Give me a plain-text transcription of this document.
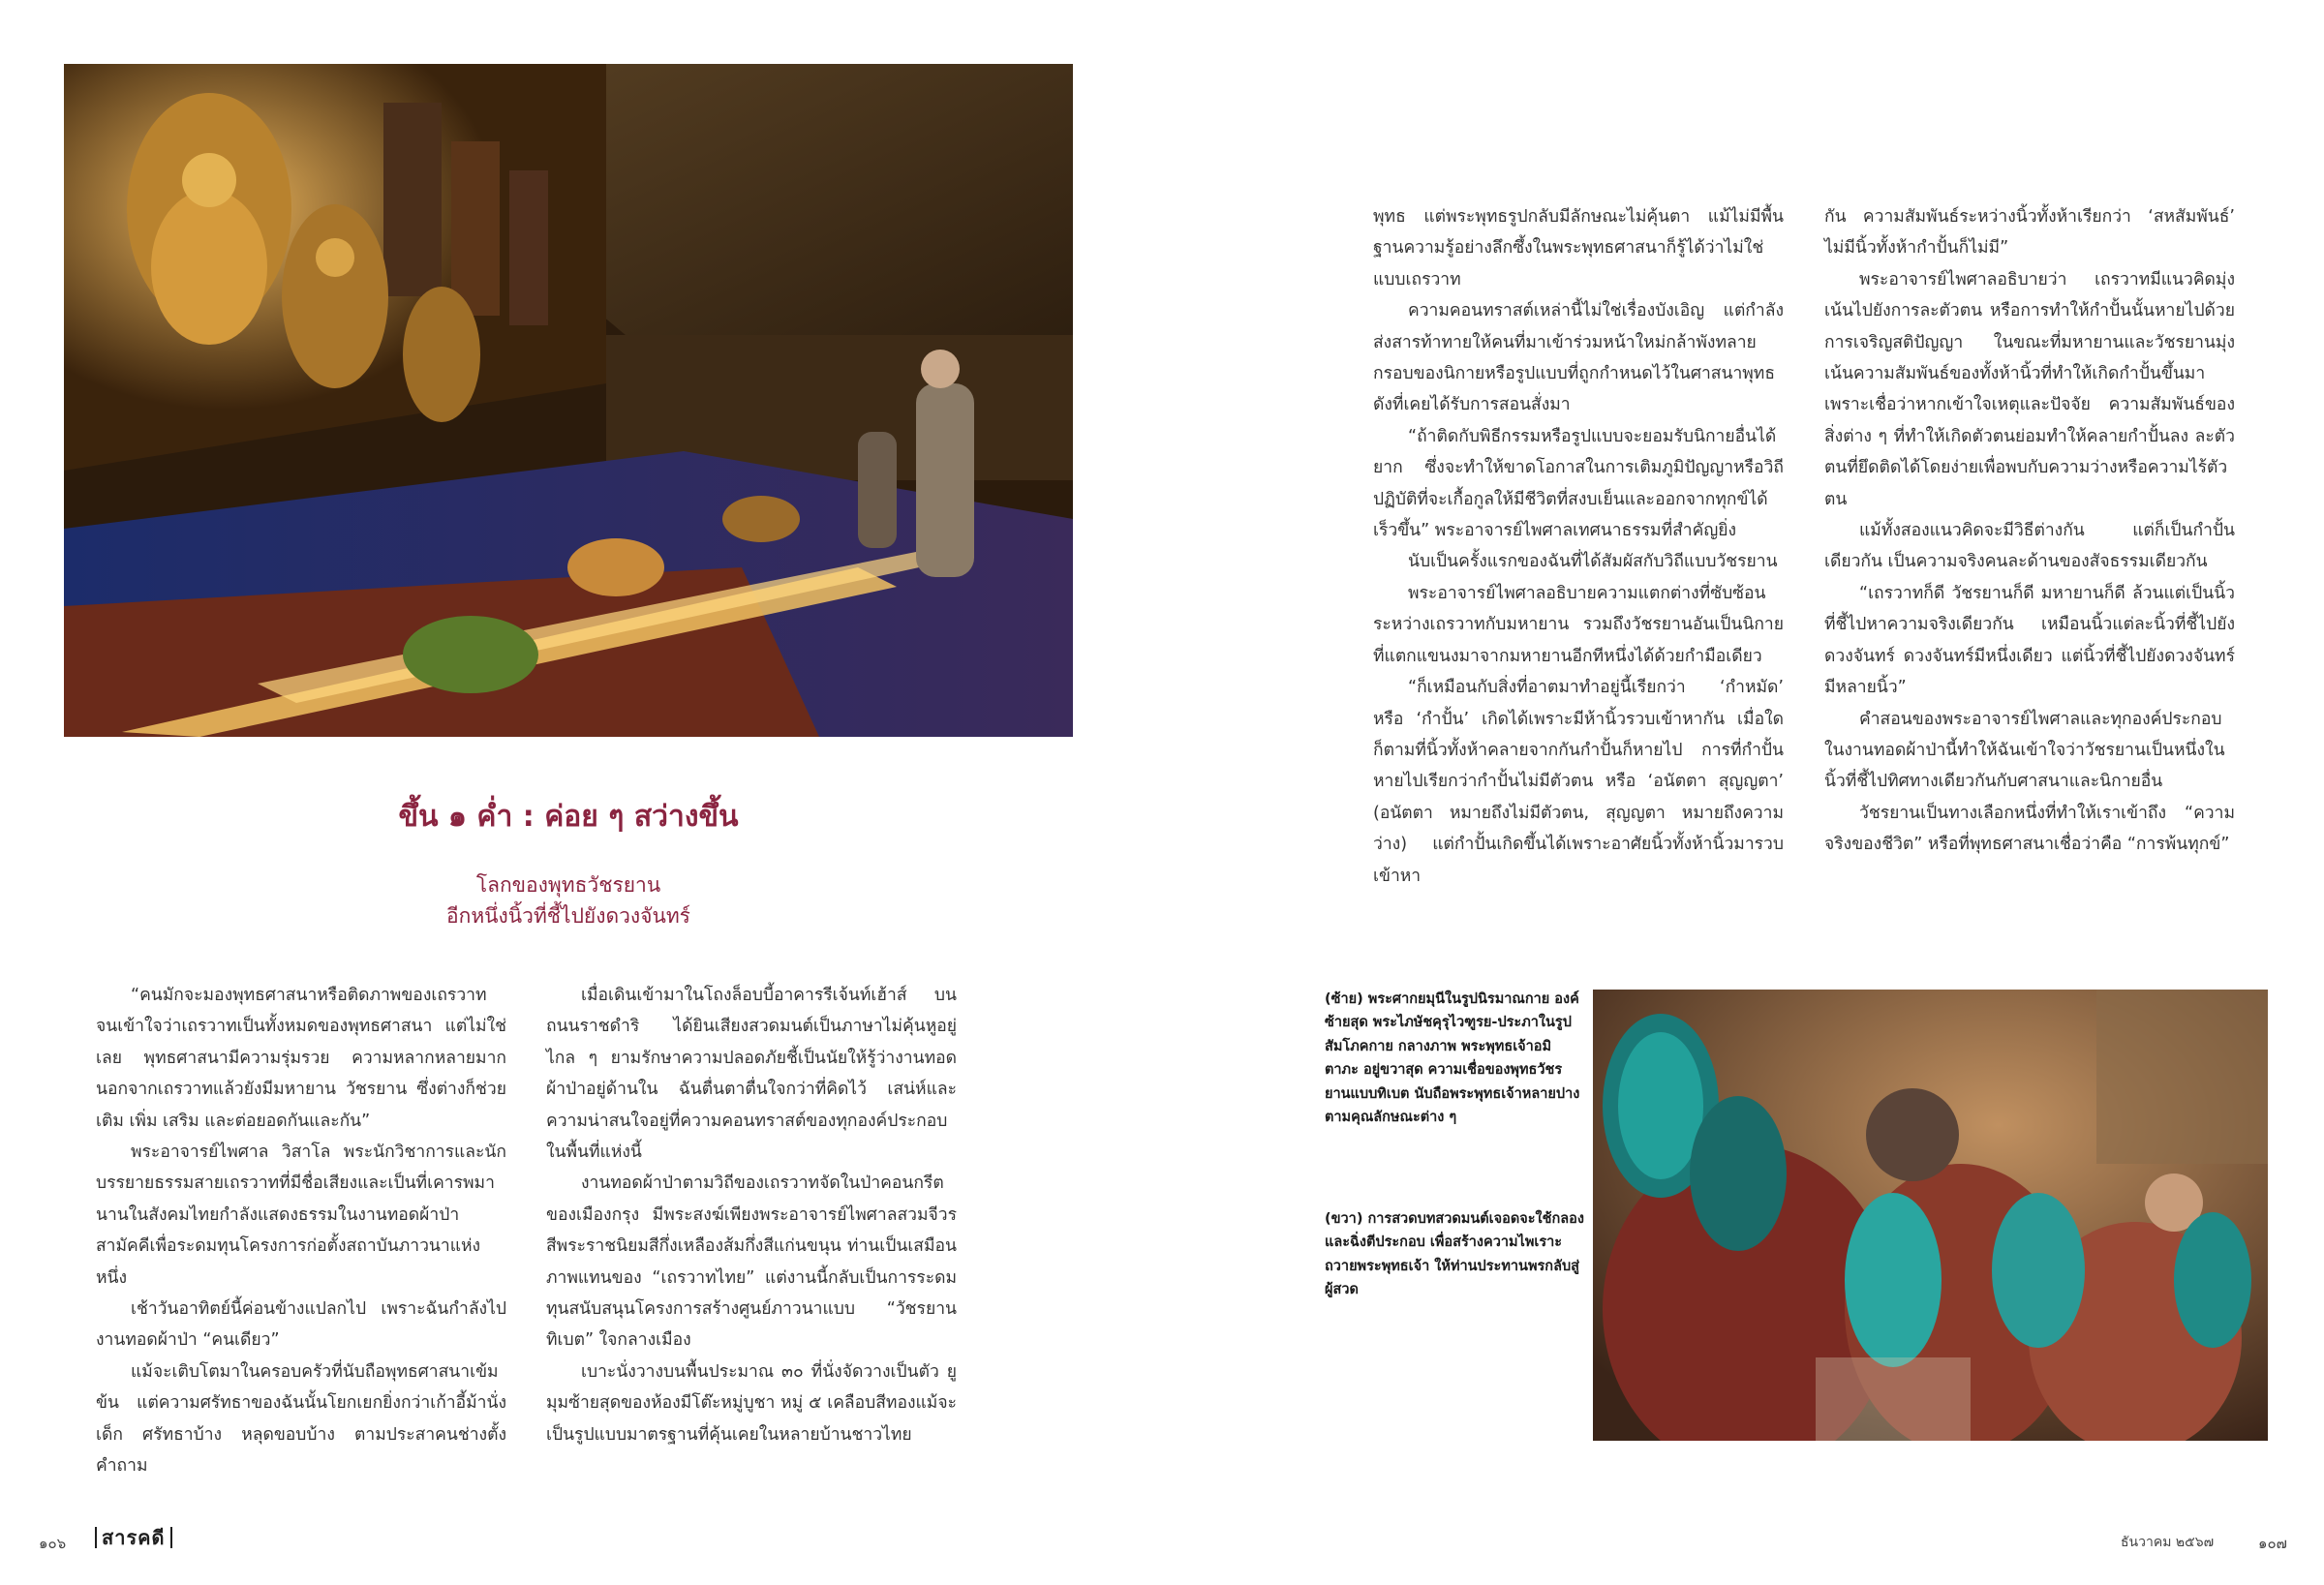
ขึ้น ๑ ค่ำ : ค่อย ๆ สว่างขึ้น
โลกของพุทธวัชรยาน
อีกหนึ่งนิ้วที่ชี้ไปยังดวงจันทร์

“คนมักจะมองพุทธศาสนาหรือติดภาพของเถรวาทจนเข้าใจว่าเถรวาทเป็นทั้งหมดของพุทธศาสนา แต่ไม่ใช่เลย พุทธศาสนามีความรุ่มรวย ความหลากหลายมาก นอกจากเถรวาทแล้วยังมีมหายาน วัชรยาน ซึ่งต่างก็ช่วยเติม เพิ่ม เสริม และต่อยอดกันและกัน”

พระอาจารย์ไพศาล วิสาโล พระนักวิชาการและนักบรรยายธรรมสายเถรวาทที่มีชื่อเสียงและเป็นที่เคารพมานานในสังคมไทยกำลังแสดงธรรมในงานทอดผ้าป่าสามัคคีเพื่อระดมทุนโครงการก่อตั้งสถาบันภาวนาแห่งหนึ่ง

เช้าวันอาทิตย์นี้ค่อนข้างแปลกไป เพราะฉันกำลังไปงานทอดผ้าป่า “คนเดียว”

แม้จะเติบโตมาในครอบครัวที่นับถือพุทธศาสนาเข้มข้น แต่ความศรัทธาของฉันนั้นโยกเยกยิ่งกว่าเก้าอี้ม้านั่งเด็ก ศรัทธาบ้าง หลุดขอบบ้าง ตามประสาคนช่างตั้งคำถาม

เมื่อเดินเข้ามาในโถงล็อบบี้อาคารรีเจ้นท์เฮ้าส์ บนถนนราชดำริ ได้ยินเสียงสวดมนต์เป็นภาษาไม่คุ้นหูอยู่ไกล ๆ ยามรักษาความปลอดภัยชี้เป็นนัยให้รู้ว่างานทอดผ้าป่าอยู่ด้านใน ฉันตื่นตาตื่นใจกว่าที่คิดไว้ เสน่ห์และความน่าสนใจอยู่ที่ความคอนทราสต์ของทุกองค์ประกอบในพื้นที่แห่งนี้

งานทอดผ้าป่าตามวิถีของเถรวาทจัดในป่าคอนกรีตของเมืองกรุง มีพระสงฆ์เพียงพระอาจารย์ไพศาลสวมจีวรสีพระราชนิยมสีกึ่งเหลืองส้มกึ่งสีแก่นขนุน ท่านเป็นเสมือนภาพแทนของ “เถรวาทไทย” แต่งานนี้กลับเป็นการระดมทุนสนับสนุนโครงการสร้างศูนย์ภาวนาแบบ “วัชรยานทิเบต” ใจกลางเมือง

เบาะนั่งวางบนพื้นประมาณ ๓๐ ที่นั่งจัดวางเป็นตัว ยู มุมซ้ายสุดของห้องมีโต๊ะหมู่บูชา หมู่ ๕ เคลือบสีทองแม้จะเป็นรูปแบบมาตรฐานที่คุ้นเคยในหลายบ้านชาวไทย

พุทธ แต่พระพุทธรูปกลับมีลักษณะไม่คุ้นตา แม้ไม่มีพื้นฐานความรู้อย่างลึกซึ้งในพระพุทธศาสนาก็รู้ได้ว่าไม่ใช่แบบเถรวาท

ความคอนทราสต์เหล่านี้ไม่ใช่เรื่องบังเอิญ แต่กำลังส่งสารท้าทายให้คนที่มาเข้าร่วมหน้าใหม่กล้าพังทลายกรอบของนิกายหรือรูปแบบที่ถูกกำหนดไว้ในศาสนาพุทธดังที่เคยได้รับการสอนสั่งมา

“ถ้าติดกับพิธีกรรมหรือรูปแบบจะยอมรับนิกายอื่นได้ยาก ซึ่งจะทำให้ขาดโอกาสในการเติมภูมิปัญญาหรือวิถีปฏิบัติที่จะเกื้อกูลให้มีชีวิตที่สงบเย็นและออกจากทุกข์ได้เร็วขึ้น” พระอาจารย์ไพศาลเทศนาธรรมที่สำคัญยิ่ง

นับเป็นครั้งแรกของฉันที่ได้สัมผัสกับวิถีแบบวัชรยาน

พระอาจารย์ไพศาลอธิบายความแตกต่างที่ซับซ้อนระหว่างเถรวาทกับมหายาน รวมถึงวัชรยานอันเป็นนิกายที่แตกแขนงมาจากมหายานอีกทีหนึ่งได้ด้วยกำมือเดียว

“ก็เหมือนกับสิ่งที่อาตมาทำอยู่นี้เรียกว่า ‘กำหมัด’ หรือ ‘กำปั้น’ เกิดได้เพราะมีห้านิ้วรวบเข้าหากัน เมื่อใดก็ตามที่นิ้วทั้งห้าคลายจากกันกำปั้นก็หายไป การที่กำปั้นหายไปเรียกว่ากำปั้นไม่มีตัวตน หรือ ‘อนัตตา สุญญตา’ (อนัตตา หมายถึงไม่มีตัวตน, สุญญตา หมายถึงความว่าง) แต่กำปั้นเกิดขึ้นได้เพราะอาศัยนิ้วทั้งห้านิ้วมารวบเข้าหา

กัน ความสัมพันธ์ระหว่างนิ้วทั้งห้าเรียกว่า ‘สหสัมพันธ์’ ไม่มีนิ้วทั้งห้ากำปั้นก็ไม่มี”

พระอาจารย์ไพศาลอธิบายว่า เถรวาทมีแนวคิดมุ่งเน้นไปยังการละตัวตน หรือการทำให้กำปั้นนั้นหายไปด้วยการเจริญสติปัญญา ในขณะที่มหายานและวัชรยานมุ่งเน้นความสัมพันธ์ของทั้งห้านิ้วที่ทำให้เกิดกำปั้นขึ้นมาเพราะเชื่อว่าหากเข้าใจเหตุและปัจจัย ความสัมพันธ์ของสิ่งต่าง ๆ ที่ทำให้เกิดตัวตนย่อมทำให้คลายกำปั้นลง ละตัวตนที่ยึดติดได้โดยง่ายเพื่อพบกับความว่างหรือความไร้ตัวตน

แม้ทั้งสองแนวคิดจะมีวิธีต่างกัน แต่ก็เป็นกำปั้นเดียวกัน เป็นความจริงคนละด้านของสัจธรรมเดียวกัน

“เถรวาทก็ดี วัชรยานก็ดี มหายานก็ดี ล้วนแต่เป็นนิ้วที่ชี้ไปหาความจริงเดียวกัน เหมือนนิ้วแต่ละนิ้วที่ชี้ไปยังดวงจันทร์ ดวงจันทร์มีหนึ่งเดียว แต่นิ้วที่ชี้ไปยังดวงจันทร์มีหลายนิ้ว”

คำสอนของพระอาจารย์ไพศาลและทุกองค์ประกอบในงานทอดผ้าป่านี้ทำให้ฉันเข้าใจว่าวัชรยานเป็นหนึ่งในนิ้วที่ชี้ไปทิศทางเดียวกันกับศาสนาและนิกายอื่น

วัชรยานเป็นทางเลือกหนึ่งที่ทำให้เราเข้าถึง “ความจริงของชีวิต” หรือที่พุทธศาสนาเชื่อว่าคือ “การพ้นทุกข์”

(ซ้าย) พระศากยมุนีในรูปนิรมาณกาย องค์ซ้ายสุด พระไภษัชคุรุไวฑูรย-ประภาในรูปสัมโภคกาย กลางภาพ พระพุทธเจ้าอมิตาภะ อยู่ขวาสุด ความเชื่อของพุทธวัชรยานแบบทิเบต นับถือพระพุทธเจ้าหลายปาง ตามคุณลักษณะต่าง ๆ
(ขวา) การสวดบทสวดมนต์เจอดจะใช้กลองและฉิ่งตีประกอบ เพื่อสร้างความไพเราะถวายพระพุทธเจ้า ให้ท่านประทานพรกลับสู่ผู้สวด
๑๐๖	สารคดี	ธันวาคม ๒๕๖๗	๑๐๗
